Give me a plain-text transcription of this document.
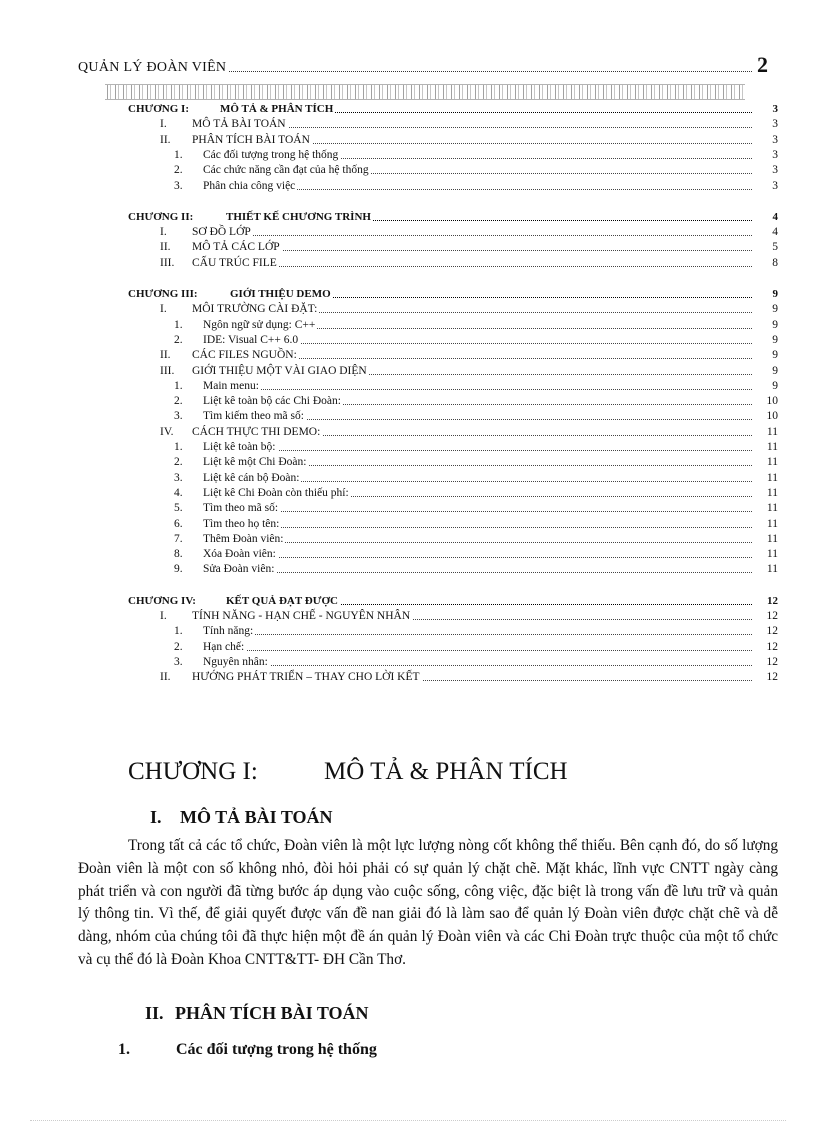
QUẢN LÝ ĐOÀN VIÊN	2
CHƯƠNG I:	MÔ TẢ & PHÂN TÍCH	3
I. MÔ TẢ BÀI TOÁN	3
II. PHÂN TÍCH BÀI TOÁN	3
1. Các đối tượng trong hệ thống	3
2. Các chức năng cần đạt của hệ thống	3
3. Phân chia công việc	3
CHƯƠNG II:	THIẾT KẾ CHƯƠNG TRÌNH	4
I. SƠ ĐỒ LỚP	4
II. MÔ TẢ CÁC LỚP	5
III. CẤU TRÚC FILE	8
CHƯƠNG III:	GIỚI THIỆU DEMO	9
I. MÔI TRƯỜNG CÀI ĐẶT:	9
1. Ngôn ngữ sử dụng: C++	9
2. IDE: Visual C++ 6.0	9
II. CÁC FILES NGUỒN:	9
III. GIỚI THIỆU MỘT VÀI GIAO DIỆN	9
1. Main menu:	9
2. Liệt kê toàn bộ các Chi Đoàn:	10
3. Tìm kiếm theo mã số:	10
IV. CÁCH THỰC THI DEMO:	11
1. Liệt kê toàn bộ:	11
2. Liệt kê một Chi Đoàn:	11
3. Liệt kê cán bộ Đoàn:	11
4. Liệt kê Chi Đoàn còn thiếu phí:	11
5. Tìm theo mã số:	11
6. Tìm theo họ tên:	11
7. Thêm Đoàn viên:	11
8. Xóa Đoàn viên:	11
9. Sửa Đoàn viên:	11
CHƯƠNG IV:	KẾT QUẢ ĐẠT ĐƯỢC	12
I. TÍNH NĂNG - HẠN CHẾ - NGUYÊN NHÂN	12
1. Tính năng:	12
2. Hạn chế:	12
3. Nguyên nhân:	12
II. HƯỚNG PHÁT TRIỂN – THAY CHO LỜI KẾT	12
CHƯƠNG I:	MÔ TẢ & PHÂN TÍCH
I. MÔ TẢ BÀI TOÁN
Trong tất cả các tổ chức, Đoàn viên là một lực lượng nòng cốt không thể thiếu. Bên cạnh đó, do số lượng Đoàn viên là một con số không nhỏ, đòi hỏi phải có sự quản lý chặt chẽ. Mặt khác, lĩnh vực CNTT ngày càng phát triển và con người đã từng bước áp dụng vào cuộc sống, công việc, đặc biệt là trong vấn đề lưu trữ và quản lý thông tin. Vì thế, để giải quyết được vấn đề nan giải đó là làm sao để quản lý Đoàn viên được chặt chẽ và dễ dàng, nhóm của chúng tôi đã thực hiện một đề án quản lý Đoàn viên và các Chi Đoàn trực thuộc của một tổ chức và cụ thể đó là Đoàn Khoa CNTT&TT- ĐH Cần Thơ.
II. PHÂN TÍCH BÀI TOÁN
1.	Các đối tượng trong hệ thống
